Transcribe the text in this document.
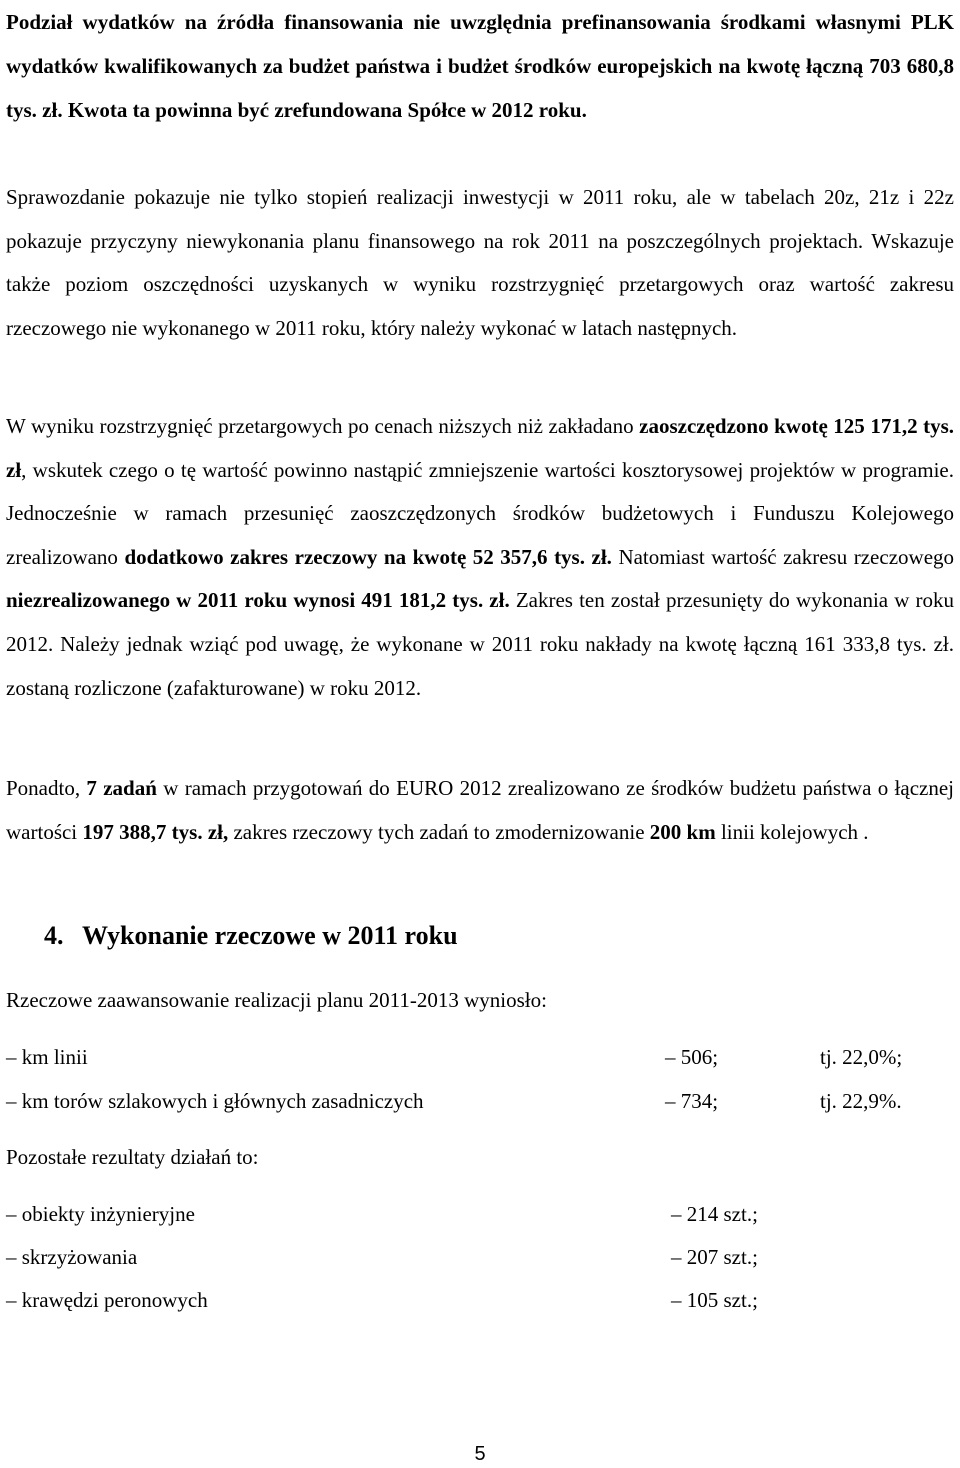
Podział wydatków na źródła finansowania nie uwzględnia prefinansowania środkami własnymi PLK wydatków kwalifikowanych za budżet państwa i budżet środków europejskich na kwotę łączną 703 680,8 tys. zł. Kwota ta powinna być zrefundowana Spółce w 2012 roku.

Sprawozdanie pokazuje nie tylko stopień realizacji inwestycji w 2011 roku, ale w tabelach 20z, 21z i 22z pokazuje przyczyny niewykonania planu finansowego na rok 2011 na poszczególnych projektach. Wskazuje także poziom oszczędności uzyskanych w wyniku rozstrzygnięć przetargowych oraz wartość zakresu rzeczowego nie wykonanego w 2011 roku, który należy wykonać w latach następnych.

W wyniku rozstrzygnięć przetargowych po cenach niższych niż zakładano zaoszczędzono kwotę 125 171,2 tys. zł, wskutek czego o tę wartość powinno nastąpić zmniejszenie wartości kosztorysowej projektów w programie. Jednocześnie w ramach przesunięć zaoszczędzonych środków budżetowych i Funduszu Kolejowego zrealizowano dodatkowo zakres rzeczowy na kwotę 52 357,6 tys. zł. Natomiast wartość zakresu rzeczowego niezrealizowanego w 2011 roku wynosi 491 181,2 tys. zł. Zakres ten został przesunięty do wykonania w roku 2012. Należy jednak wziąć pod uwagę, że wykonane w 2011 roku nakłady na kwotę łączną 161 333,8 tys. zł. zostaną rozliczone (zafakturowane) w roku 2012.

Ponadto, 7 zadań w ramach przygotowań do EURO 2012 zrealizowano ze środków budżetu państwa o łącznej wartości 197 388,7 tys. zł, zakres rzeczowy tych zadań to zmodernizowanie 200 km linii kolejowych .

4. Wykonanie rzeczowe w 2011 roku

Rzeczowe zaawansowanie realizacji planu 2011-2013 wyniosło:

– km linii	– 506;	tj. 22,0%;
– km torów szlakowych i głównych zasadniczych	– 734;	tj. 22,9%.

Pozostałe rezultaty działań to:

– obiekty inżynieryjne	– 214 szt.;
– skrzyżowania	– 207 szt.;
– krawędzi peronowych	– 105 szt.;
5
